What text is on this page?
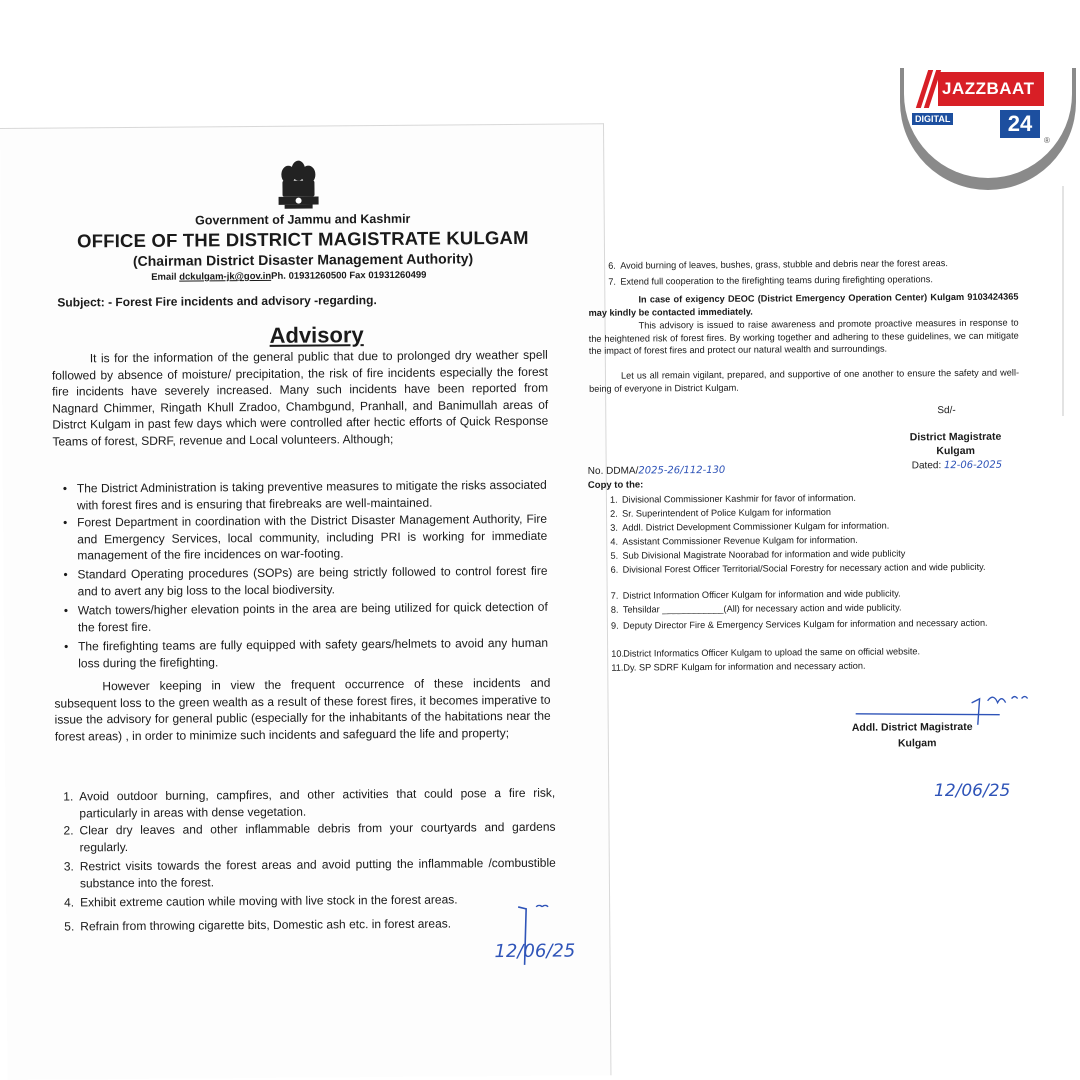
Government of Jammu and Kashmir
OFFICE OF THE DISTRICT MAGISTRATE KULGAM
(Chairman District Disaster Management Authority)
Email dckulgam-jk@gov.inPh. 01931260500 Fax 01931260499
Subject: - Forest Fire incidents and advisory -regarding.
Advisory
It is for the information of the general public that due to prolonged dry weather spell followed by absence of moisture/ precipitation, the risk of fire incidents especially the forest fire incidents have severely increased. Many such incidents have been reported from Nagnard Chimmer, Ringath Khull Zradoo, Chambgund, Pranhall, and Banimullah areas of Distrct Kulgam in past few days which were controlled after hectic efforts of Quick Response Teams of forest, SDRF, revenue and Local volunteers. Although;
• The District Administration is taking preventive measures to mitigate the risks associated with forest fires and is ensuring that firebreaks are well-maintained.
• Forest Department in coordination with the District Disaster Management Authority, Fire and Emergency Services, local community, including PRI is working for immediate management of the fire incidences on war-footing.
• Standard Operating procedures (SOPs) are being strictly followed to control forest fire and to avert any big loss to the local biodiversity.
• Watch towers/higher elevation points in the area are being utilized for quick detection of the forest fire.
• The firefighting teams are fully equipped with safety gears/helmets to avoid any human loss during the firefighting.
However keeping in view the frequent occurrence of these incidents and subsequent loss to the green wealth as a result of these forest fires, it becomes imperative to issue the advisory for general public (especially for the inhabitants of the habitations near the forest areas) , in order to minimize such incidents and safeguard the life and property;
1. Avoid outdoor burning, campfires, and other activities that could pose a fire risk, particularly in areas with dense vegetation.
2. Clear dry leaves and other inflammable debris from your courtyards and gardens regularly.
3. Restrict visits towards the forest areas and avoid putting the inflammable /combustible substance into the forest.
4. Exhibit extreme caution while moving with live stock in the forest areas.
5. Refrain from throwing cigarette bits, Domestic ash etc. in forest areas.
12/06/25
6. Avoid burning of leaves, bushes, grass, stubble and debris near the forest areas.
7. Extend full cooperation to the firefighting teams during firefighting operations.
In case of exigency DEOC (District Emergency Operation Center) Kulgam 9103424365 may kindly be contacted immediately.
This advisory is issued to raise awareness and promote proactive measures in response to the heightened risk of forest fires. By working together and adhering to these guidelines, we can mitigate the impact of forest fires and protect our natural wealth and surroundings.
Let us all remain vigilant, prepared, and supportive of one another to ensure the safety and well-being of everyone in District Kulgam.
Sd/-
District Magistrate
Kulgam
No. DDMA/2025-26/112-130	Dated: 12-06-2025
Copy to the:
1. Divisional Commissioner Kashmir for favor of information.
2. Sr. Superintendent of Police Kulgam for information
3. Addl. District Development Commissioner Kulgam for information.
4. Assistant Commissioner Revenue Kulgam for information.
5. Sub Divisional Magistrate Noorabad for information and wide publicity
6. Divisional Forest Officer Territorial/Social Forestry for necessary action and wide publicity.
7. District Information Officer Kulgam for information and wide publicity.
8. Tehsildar ____________(All) for necessary action and wide publicity.
9. Deputy Director Fire & Emergency Services Kulgam for information and necessary action.
10. District Informatics Officer Kulgam to upload the same on official website.
11. Dy. SP SDRF Kulgam for information and necessary action.
Addl. District Magistrate
Kulgam
12/06/25
JAZZBAAT
DIGITAL	24
®
